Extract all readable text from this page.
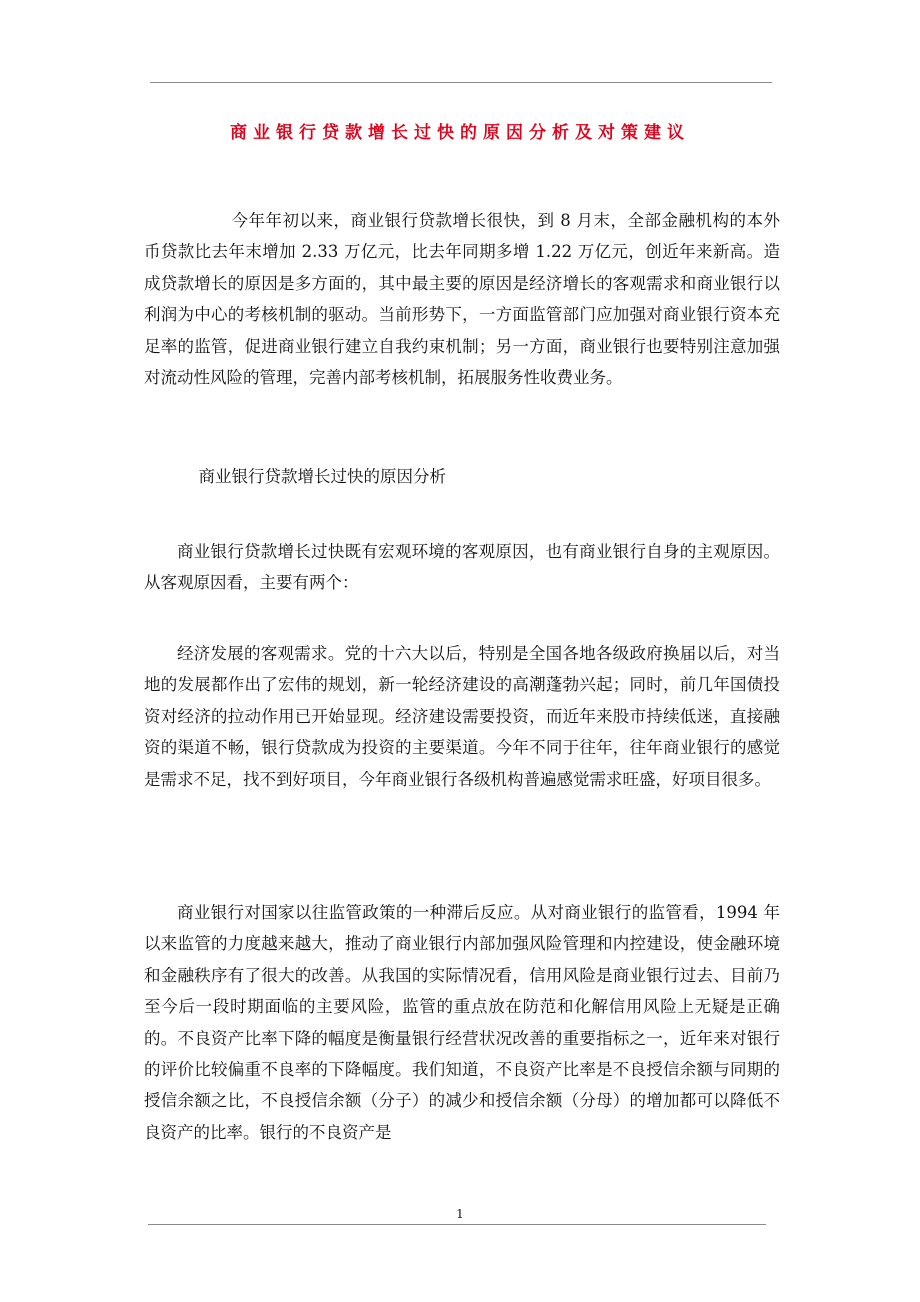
商业银行贷款增长过快的原因分析及对策建议

今年年初以来，商业银行贷款增长很快，到 8 月末，全部金融机构的本外币贷款比去年末增加 2.33 万亿元，比去年同期多增 1.22 万亿元，创近年来新高。造成贷款增长的原因是多方面的，其中最主要的原因是经济增长的客观需求和商业银行以利润为中心的考核机制的驱动。当前形势下，一方面监管部门应加强对商业银行资本充足率的监管，促进商业银行建立自我约束机制；另一方面，商业银行也要特别注意加强对流动性风险的管理，完善内部考核机制，拓展服务性收费业务。

商业银行贷款增长过快的原因分析

商业银行贷款增长过快既有宏观环境的客观原因，也有商业银行自身的主观原因。从客观原因看，主要有两个：

经济发展的客观需求。党的十六大以后，特别是全国各地各级政府换届以后，对当地的发展都作出了宏伟的规划，新一轮经济建设的高潮蓬勃兴起；同时，前几年国债投资对经济的拉动作用已开始显现。经济建设需要投资，而近年来股市持续低迷，直接融资的渠道不畅，银行贷款成为投资的主要渠道。今年不同于往年，往年商业银行的感觉是需求不足，找不到好项目，今年商业银行各级机构普遍感觉需求旺盛，好项目很多。

商业银行对国家以往监管政策的一种滞后反应。从对商业银行的监管看，1994 年以来监管的力度越来越大，推动了商业银行内部加强风险管理和内控建设，使金融环境和金融秩序有了很大的改善。从我国的实际情况看，信用风险是商业银行过去、目前乃至今后一段时期面临的主要风险，监管的重点放在防范和化解信用风险上无疑是正确的。不良资产比率下降的幅度是衡量银行经营状况改善的重要指标之一，近年来对银行的评价比较偏重不良率的下降幅度。我们知道，不良资产比率是不良授信余额与同期的授信余额之比，不良授信余额（分子）的减少和授信余额（分母）的增加都可以降低不良资产的比率。银行的不良资产是

1
